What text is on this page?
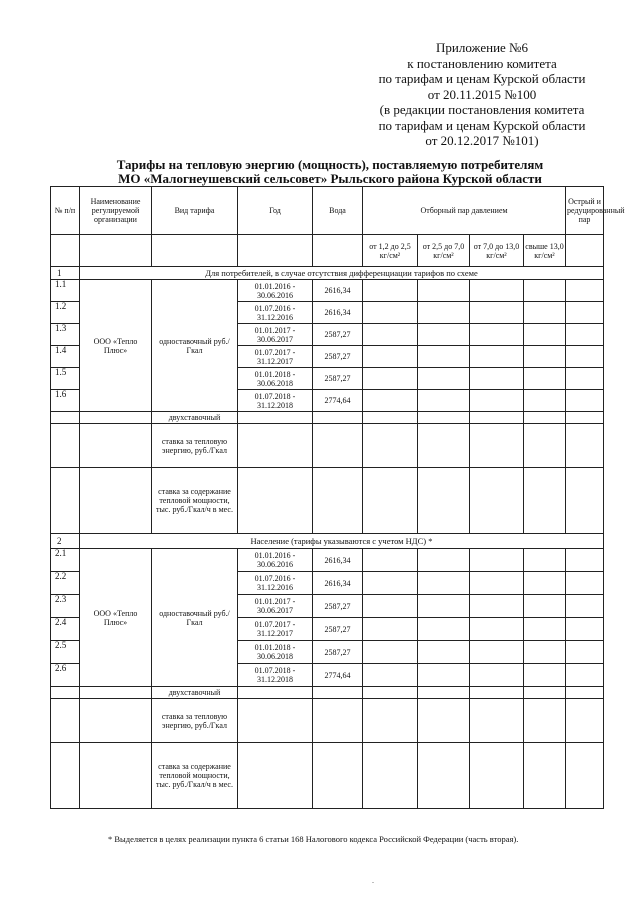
Приложение №6
к постановлению комитета
по тарифам и ценам Курской области
от 20.11.2015 №100
(в редакции постановления комитета
по тарифам и ценам Курской области
от 20.12.2017 №101)
Тарифы на тепловую энергию (мощность), поставляемую потребителям
МО «Малогнеушевский сельсовет» Рыльского района Курской области
№ п/п	Наименование регулируемой организации	Вид тарифа	Год	Вода	Отборный пар давлением				Острый и редуцированный пар
					от 1,2 до 2,5 кг/см²	от 2,5 до 7,0 кг/см²	от 7,0 до 13,0 кг/см²	свыше 13,0 кг/см²	
1	Для потребителей, в случае отсутствия дифференциации тарифов по схеме								
1.1	ООО «Тепло Плюс»	одноставочный руб./Гкал	01.01.2016 - 30.06.2016	2616,34					
1.2			01.07.2016 - 31.12.2016	2616,34					
1.3			01.01.2017 - 30.06.2017	2587,27					
1.4			01.07.2017 - 31.12.2017	2587,27					
1.5			01.01.2018 - 30.06.2018	2587,27					
1.6			01.07.2018 - 31.12.2018	2774,64					
		двухставочный							
		ставка за тепловую энергию, руб./Гкал							
		ставка за содержание тепловой мощности, тыс. руб./Гкал/ч в мес.							
2	Население (тарифы указываются с учетом НДС) *								
2.1	ООО «Тепло Плюс»	одноставочный руб./Гкал	01.01.2016 - 30.06.2016	2616,34					
2.2			01.07.2016 - 31.12.2016	2616,34					
2.3			01.01.2017 - 30.06.2017	2587,27					
2.4			01.07.2017 - 31.12.2017	2587,27					
2.5			01.01.2018 - 30.06.2018	2587,27					
2.6			01.07.2018 - 31.12.2018	2774,64					
		двухставочный							
		ставка за тепловую энергию, руб./Гкал							
		ставка за содержание тепловой мощности, тыс. руб./Гкал/ч в мес.							
* Выделяется в целях реализации пункта 6 статьи 168 Налогового кодекса Российской Федерации (часть вторая).
.
